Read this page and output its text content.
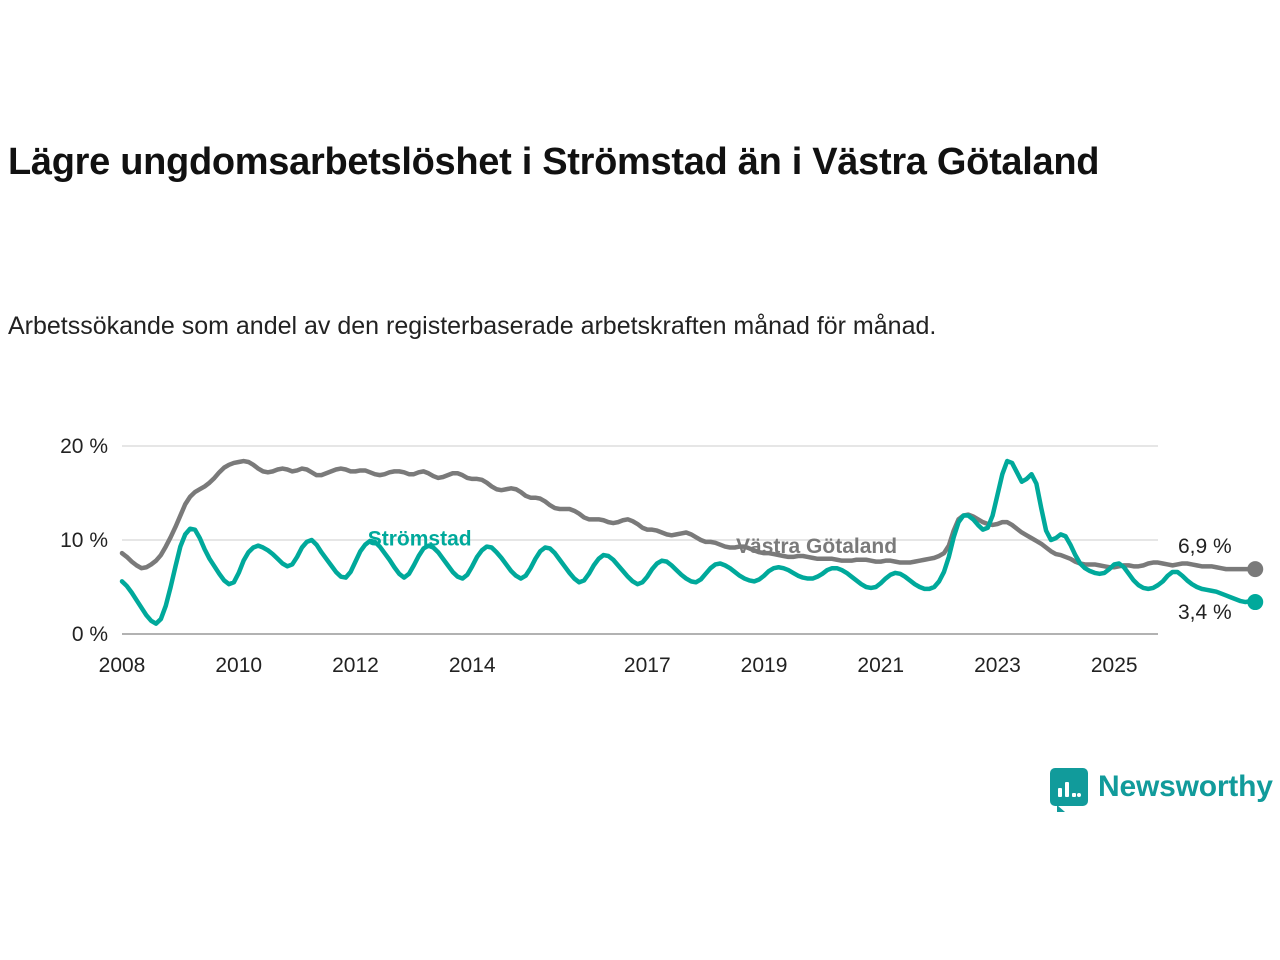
Lägre ungdomsarbetslöshet i Strömstad än i Västra Götaland
Arbetssökande som andel av den registerbaserade arbetskraften månad för månad.
0 %
10 %
20 %
2008	2010	2012	2014	2017	2019	2021	2023	2025
Strömstad	Västra Götaland	6,9 %
3,4 %
Newsworthy
